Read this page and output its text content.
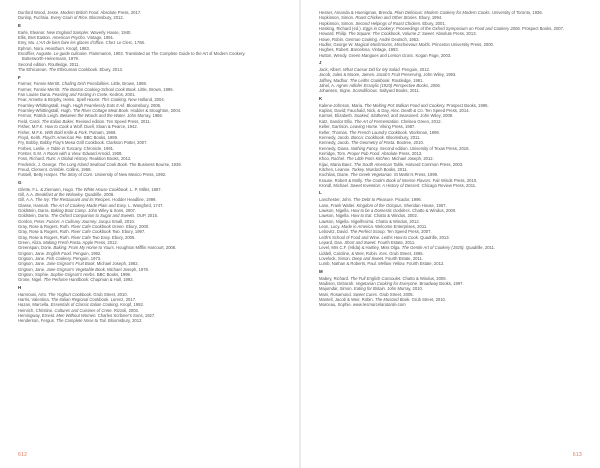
Dunford Wood, Jesse. Modern British Food. Absolute Press, 2017.
Dunlop, Fuchsia. Every Grain of Rice. Bloomsbury, 2012.
E
Earle, Eleanor. New England Sampler. Waverly House, 1940.
Ellis, Bret Easton. American Psycho. Vintage, 1991.
Emy, Mu. L'Art de bien faire les glaces d'office. Chez Le Clerc, 1768.
Ephron, Nora. Heartburn. Knopf, 1983.
Escoffier, Auguste. Le guide culinaire. Flammarion, 1903. Translated as The Complete Guide to the Art of Modern Cookery. Butterworth-Heinemann, 1979.
Second edition. Routledge, 2011.
The Ethicurean. The Ethicurean Cookbook. Ebury, 2013.
F
Farmer, Fannie Merritt. Chafing Dish Possibilities. Little, Brown, 1898.
Farmer, Fannie Merritt. The Boston Cooking-School Cook Book. Little, Brown, 1896.
Fan Louise Dana. Feasting and Fasting in Crete. Kedros, 2001.
Fear, Annette & Brophy, Helen. Spell House: This Cooking. New Holland, 2004.
Fearnley-Whittingstall, Hugh. Hugh Fearnlessly Eats It All. Bloomsbury, 2006.
Fearnley-Whittingstall, Hugh. The River Cottage Meat Book. Hodder & Stoughton, 2004.
Fermor, Patrick Leigh. Between the Woods and the Water. John Murray, 1986.
Field, Carol. The Italian Baker. Revised edition. Ten Speed Press, 2011.
Fisher, M.F.K. How to Cook a Wolf. Duell, Sloan & Pearce, 1942.
Fisher, M.F.K. With Bold Knife & Fork. Putnam, 1969.
Floyd, Keith. Floyd's American Pie. BBC Books, 1989.
Fry, Bobby, Bobby Flay's Mesa Grill Cookbook. Clarkson Potter, 2007.
Forbes, Leslie. A Table in Tuscany. Chronicle, 1991.
Forster, E.M. A Room with a View. Edward Arnold, 1908.
Foss, Richard. Rum: A Global History. Reaktion Books, 2012.
Frederick, J. George. The Long Island Seafood Cook Book. The Business Bourse, 1939.
Freud, Clement. Grimble. Collins, 1968.
Fussell, Betty Harper. The Story of Corn. University of New Mexico Press, 1992.
G
Gilette, F.L. & Ziemann, Hugo. The White House Cookbook. L. P. Miller, 1887.
Gill, A.A. Breakfast at the Wolseley. Quadrille, 2008.
Gill, A.A. The Ivy: The Restaurant and its Recipes. Hodder Headline, 1999.
Glasse, Hannah. The Art of Cookery Made Plain and Easy. L. Wangford, 1747.
Goldstein, Darra. Baking Boot Camp. John Wiley & Sons, 2007.
Goldstein, Darra. The Oxford Companion to Sugar and Sweets. OUP, 2015.
Gordon, Peter. Fusion: A Culinary Journey. Jacqui Small, 2010.
Gray, Rose & Rogers, Ruth. River Cafe Cookbook Green. Ebury, 2000.
Gray, Rose & Rogers, Ruth. River Cafe Cookbook Two. Ebury, 1997.
Gray, Rose & Rogers, Ruth. River Cafe Two Easy. Ebury, 2005.
Green, Aliza. Making Fresh Pasta. Apple Press, 2012.
Greenspan, Dorie. Baking: From My Home to Yours. Houghton Mifflin Harcourt, 2006.
Grigson, Jane. English Food. Penguin, 1992.
Grigson, Jane. Fish Cookery. Penguin, 1973.
Grigson, Jane. Jane Grigson's Fruit Book. Michael Joseph, 1982.
Grigson, Jane. Jane Grigson's Vegetable Book. Michael Joseph, 1978.
Grigson, Sophie. Sophie Grigson's Herbs. BBC Books, 1999.
Grose, Nigel. The Perfume Handbook. Chapman & Hall, 1992.
H
Hamrouni, Arto. The Yoghurt Cookbook. Grub Street, 2010.
Harris, Valentina. The Italian Regional Cookbook. Lorenz, 2017.
Hazan, Marcella. Essentials of Classic Italian Cooking. Knopf, 1992.
Heinrich, Christine. Cultures and Cuisines of Crete. Rizzoli, 2003.
Hemingway, Ernest. Men Without Women. Charles Scribner's Sons, 1927.
Henderson, Fergus. The Complete Nose to Tail. Bloomsbury, 2012.
612
Hesser, Amanda & Hoenigman, Brenda. Plain Delicious: Modern Cookery for Modern Cooks. University of Toronto, 1936.
Hopkinson, Simon. Roast Chicken and Other Stories. Ebury, 1994.
Hopkinson, Simon. Second Helpings of Roast Chicken. Ebury, 2001.
Hosking, Richard (ed.). Eggs in Cookery: Proceedings of the Oxford Symposium on Food and Cookery 2006. Prospect Books, 2007.
Howard, Philip. The Square: The Cookbook, Volume 2: Sweet. Absolute Press, 2013.
Howe, Robin. German Cooking. André Deutsch, 1953.
Hudler, George W. Magical Mushrooms, Mischievous Molds. Princeton University Press, 2000.
Hughes, Robert. Barcelona. Vintage, 1993.
Hutton, Wendy. Green Mangoes and Lemon Grass. Kogan Page, 2003.
J
Jack, Albert. What Caesar Did for My Salad. Penguin, 2012.
Jacob, Jules & Moore, James. Jacob's Fruit Preserving. John Wiley, 1993.
Jaffrey, Madhur. The Leiths Cookbook. Routledge, 1981.
Jahel, A. Agnes Adlofer Essaylic (1920) Perspective Books, 2006.
Johansen, Signe. Scandilicious. Saltyard Books, 2011.
K
Kalene-Johnson, Maria. The Melting Pot: Balkan Food and Cookery. Prospect Books, 1995.
Kaplan, David; Fauchald, Nick, & Day, Alex. Death & Co. Ten Speed Press, 2014.
Karmel, Elizabeth. Soaked, Slathered, and Seasoned. John Wiley, 2009.
Katz, Sandor Ellix. The Art of Fermentation. Chelsea Green, 2012.
Keller, Garrison. Leaving Home. Viking Press, 1987.
Keller, Thomas. The French Laundry Cookbook. Workman, 1999.
Kennedy, Jacob. Bocca: Cookbook. Bloomsbury, 2011.
Kennedy, Jacob. The Geometry of Pasta. Boxtree, 2010.
Kennedy, Diana. Nothing Fancy. Second edition. University of Texas Press, 2016.
Kerridge, Tom. Proper Pub Food. Absolute Press, 2013.
Khoo, Rachel. The Little Paris Kitchen. Michael Joseph, 2012.
Kijac, Maria Baez. The South American Table. Harvard Common Press, 2003.
Kitchen, Leanne. Turkey. Murdoch Books, 2011.
Kochilas, Diane. The Greek Vegetarian. St Martin's Press, 1999.
Krause, Robert & Molly. The Cook's Book of Intense Flavors. Fair Winds Press, 2010.
Krondl, Michael. Sweet Invention: A History of Dessert. Chicago Review Press, 2011.
L
Lanchester, John. The Debt to Pleasure. Picador, 1996.
Lane, Frank Walter. Kingdom of the Octopus. Sheridan House, 1957.
Lawson, Nigella. How to be a Domestic Goddess. Chatto & Windus, 2000.
Lawson, Nigella. How to Eat. Chatto & Windus, 2002.
Lawson, Nigella. Nigellissima. Chatto & Windus, 2012.
Leon, Lucy. Made in America. Welcome Enterprises, 2011.
Lebovitz, David. The Perfect Scoop. Ten Speed Press, 2007.
Leith's School of Food and Wine. Leiths How to Cook. Quadrille, 2013.
Lepard, Dan. Short and Sweet. Fourth Estate, 2011.
Level, Mrs C.F. (Hilda) & Hartley, Miss Olga. The Gentle Art of Cookery (1925). Quadrille, 2011.
Liddell, Caroline, & Weir, Robin. Ices. Grub Street, 1995.
Lovelock, Simon. Deep and Sweet. Fourth Estate, 2011.
Lumb, Nathan & Roberts, Paul. Mellow Yellow. Fourth Estate, 2012.
M
Mabey, Richard. The Full English Cassoulet. Chatto & Windus, 2008.
Madison, Deborah. Vegetarian Cooking for Everyone. Broadway Books, 1997.
Majumdar, Simon. Eating for Britain. John Murray, 2010.
Mani, Rosamund. Sweet Cures. Grub Street, 2005.
Mantell, Jacob & Weir, Robin. The Mustard Book. Grub Street, 2010.
Marceau, Sophie. www.lesmarcelarutarde.com
613
